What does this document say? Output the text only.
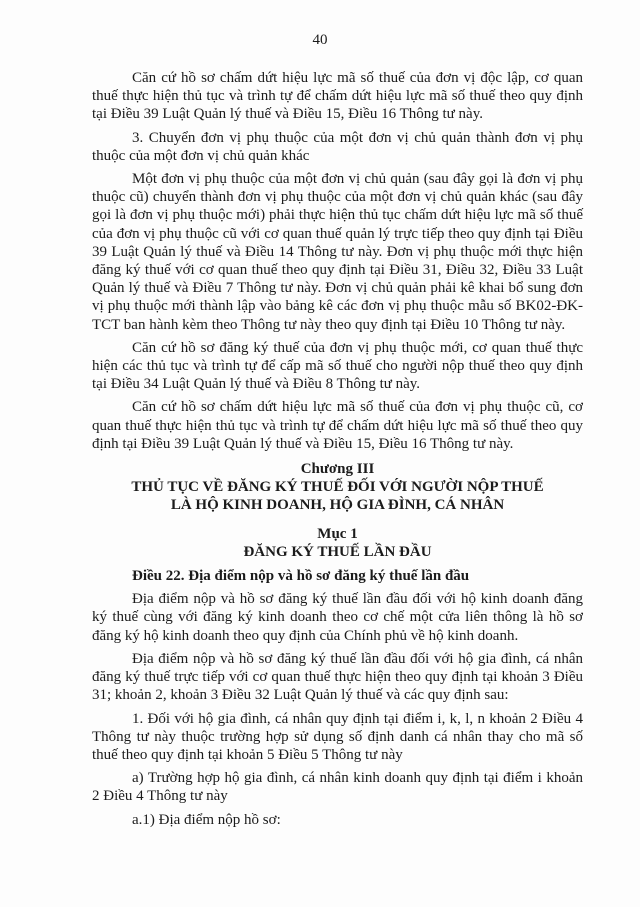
40

Căn cứ hồ sơ chấm dứt hiệu lực mã số thuế của đơn vị độc lập, cơ quan thuế thực hiện thủ tục và trình tự để chấm dứt hiệu lực mã số thuế theo quy định tại Điều 39 Luật Quản lý thuế và Điều 15, Điều 16 Thông tư này.

3. Chuyển đơn vị phụ thuộc của một đơn vị chủ quản thành đơn vị phụ thuộc của một đơn vị chủ quản khác

Một đơn vị phụ thuộc của một đơn vị chủ quản (sau đây gọi là đơn vị phụ thuộc cũ) chuyển thành đơn vị phụ thuộc của một đơn vị chủ quản khác (sau đây gọi là đơn vị phụ thuộc mới) phải thực hiện thủ tục chấm dứt hiệu lực mã số thuế của đơn vị phụ thuộc cũ với cơ quan thuế quản lý trực tiếp theo quy định tại Điều 39 Luật Quản lý thuế và Điều 14 Thông tư này. Đơn vị phụ thuộc mới thực hiện đăng ký thuế với cơ quan thuế theo quy định tại Điều 31, Điều 32, Điều 33 Luật Quản lý thuế và Điều 7 Thông tư này. Đơn vị chủ quản phải kê khai bổ sung đơn vị phụ thuộc mới thành lập vào bảng kê các đơn vị phụ thuộc mẫu số BK02-ĐK-TCT ban hành kèm theo Thông tư này theo quy định tại Điều 10 Thông tư này.

Căn cứ hồ sơ đăng ký thuế của đơn vị phụ thuộc mới, cơ quan thuế thực hiện các thủ tục và trình tự để cấp mã số thuế cho người nộp thuế theo quy định tại Điều 34 Luật Quản lý thuế và Điều 8 Thông tư này.

Căn cứ hồ sơ chấm dứt hiệu lực mã số thuế của đơn vị phụ thuộc cũ, cơ quan thuế thực hiện thủ tục và trình tự để chấm dứt hiệu lực mã số thuế theo quy định tại Điều 39 Luật Quản lý thuế và Điều 15, Điều 16 Thông tư này.

Chương III

THỦ TỤC VỀ ĐĂNG KÝ THUẾ ĐỐI VỚI NGƯỜI NỘP THUẾ

LÀ HỘ KINH DOANH, HỘ GIA ĐÌNH, CÁ NHÂN

Mục 1

ĐĂNG KÝ THUẾ LẦN ĐẦU

Điều 22. Địa điểm nộp và hồ sơ đăng ký thuế lần đầu

Địa điểm nộp và hồ sơ đăng ký thuế lần đầu đối với hộ kinh doanh đăng ký thuế cùng với đăng ký kinh doanh theo cơ chế một cửa liên thông là hồ sơ đăng ký hộ kinh doanh theo quy định của Chính phủ về hộ kinh doanh.

Địa điểm nộp và hồ sơ đăng ký thuế lần đầu đối với hộ gia đình, cá nhân đăng ký thuế trực tiếp với cơ quan thuế thực hiện theo quy định tại khoản 3 Điều 31; khoản 2, khoản 3 Điều 32 Luật Quản lý thuế và các quy định sau:

1. Đối với hộ gia đình, cá nhân quy định tại điểm i, k, l, n khoản 2 Điều 4 Thông tư này thuộc trường hợp sử dụng số định danh cá nhân thay cho mã số thuế theo quy định tại khoản 5 Điều 5 Thông tư này

a) Trường hợp hộ gia đình, cá nhân kinh doanh quy định tại điểm i khoản 2 Điều 4 Thông tư này

a.1) Địa điểm nộp hồ sơ:
